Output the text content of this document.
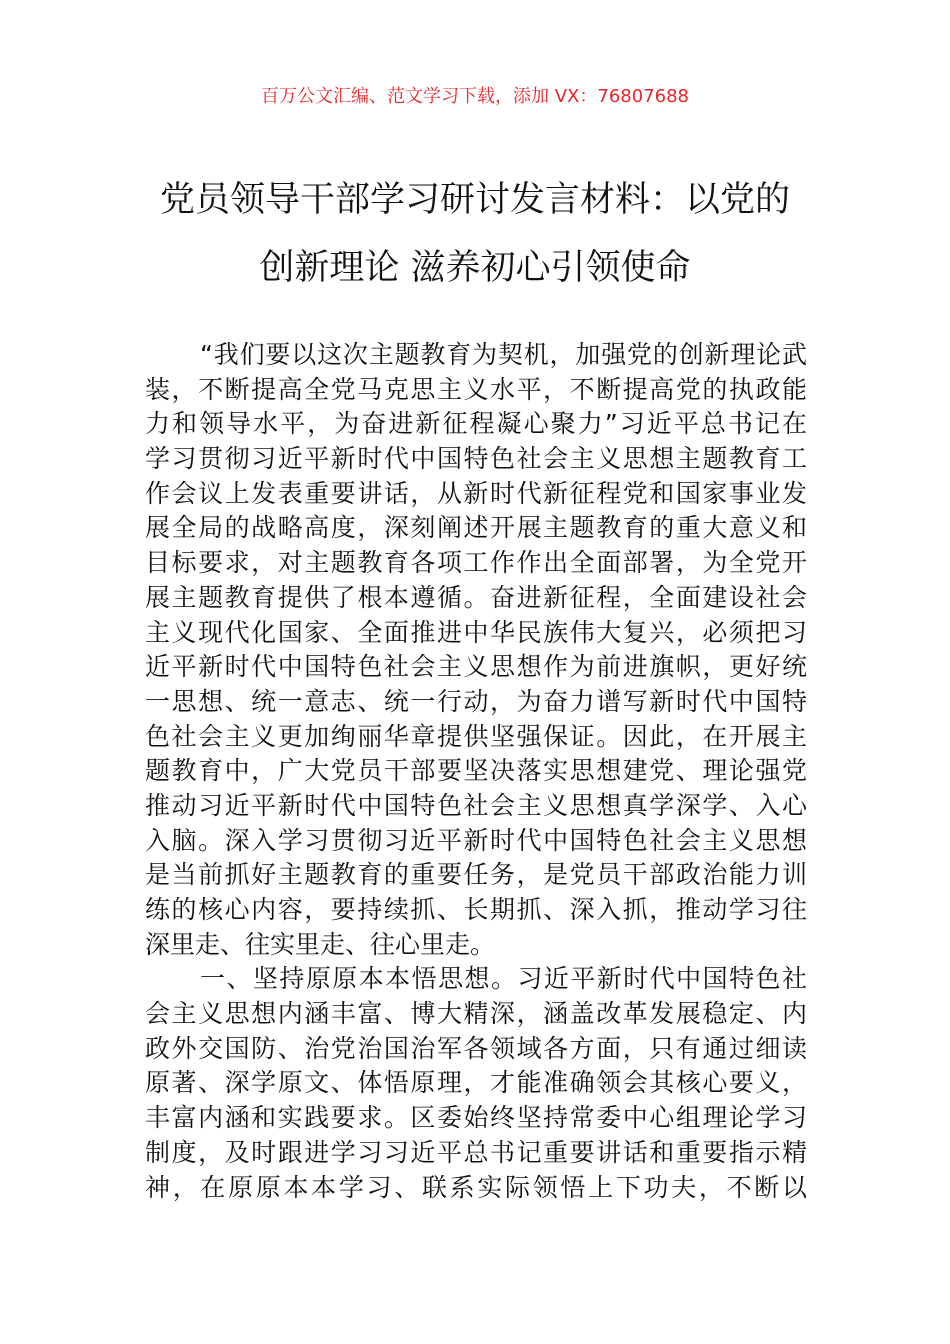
百万公文汇编、范文学习下载，添加 VX：76807688
党员领导干部学习研讨发言材料：以党的
创新理论 滋养初心引领使命
“我们要以这次主题教育为契机，加强党的创新理论武
装，不断提高全党马克思主义水平，不断提高党的执政能
力和领导水平，为奋进新征程凝心聚力”习近平总书记在
学习贯彻习近平新时代中国特色社会主义思想主题教育工
作会议上发表重要讲话，从新时代新征程党和国家事业发
展全局的战略高度，深刻阐述开展主题教育的重大意义和
目标要求，对主题教育各项工作作出全面部署，为全党开
展主题教育提供了根本遵循。奋进新征程，全面建设社会
主义现代化国家、全面推进中华民族伟大复兴，必须把习
近平新时代中国特色社会主义思想作为前进旗帜，更好统
一思想、统一意志、统一行动，为奋力谱写新时代中国特
色社会主义更加绚丽华章提供坚强保证。因此，在开展主
题教育中，广大党员干部要坚决落实思想建党、理论强党
推动习近平新时代中国特色社会主义思想真学深学、入心
入脑。深入学习贯彻习近平新时代中国特色社会主义思想
是当前抓好主题教育的重要任务，是党员干部政治能力训
练的核心内容，要持续抓、长期抓、深入抓，推动学习往
深里走、往实里走、往心里走。
一、坚持原原本本悟思想。习近平新时代中国特色社
会主义思想内涵丰富、博大精深，涵盖改革发展稳定、内
政外交国防、治党治国治军各领域各方面，只有通过细读
原著、深学原文、体悟原理，才能准确领会其核心要义，
丰富内涵和实践要求。区委始终坚持常委中心组理论学习
制度，及时跟进学习习近平总书记重要讲话和重要指示精
神，在原原本本学习、联系实际领悟上下功夫，不断以
